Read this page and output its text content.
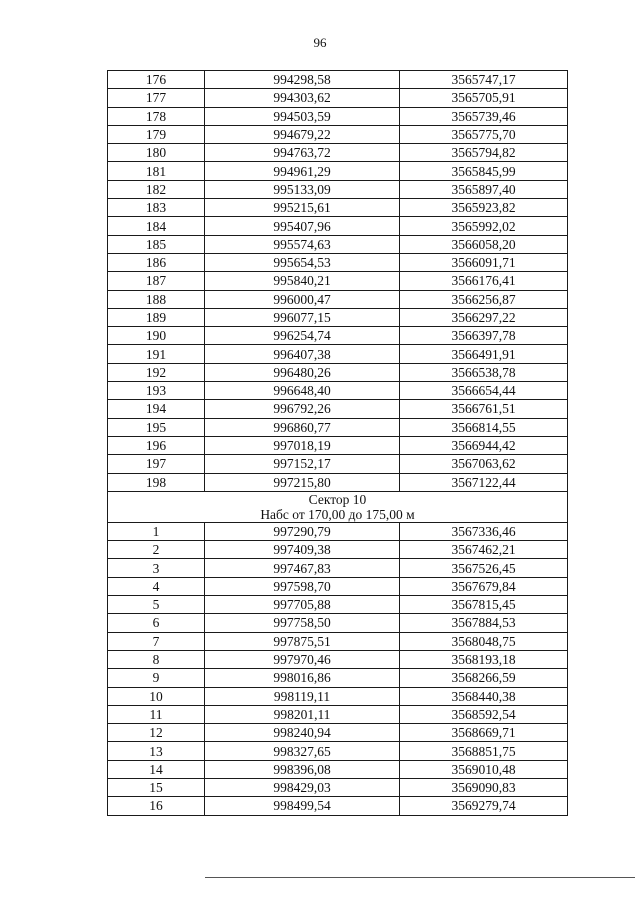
96
176	994298,58	3565747,17
177	994303,62	3565705,91
178	994503,59	3565739,46
179	994679,22	3565775,70
180	994763,72	3565794,82
181	994961,29	3565845,99
182	995133,09	3565897,40
183	995215,61	3565923,82
184	995407,96	3565992,02
185	995574,63	3566058,20
186	995654,53	3566091,71
187	995840,21	3566176,41
188	996000,47	3566256,87
189	996077,15	3566297,22
190	996254,74	3566397,78
191	996407,38	3566491,91
192	996480,26	3566538,78
193	996648,40	3566654,44
194	996792,26	3566761,51
195	996860,77	3566814,55
196	997018,19	3566944,42
197	997152,17	3567063,62
198	997215,80	3567122,44

Сектор 10
Набс от 170,00 до 175,00 м		

1	997290,79	3567336,46
2	997409,38	3567462,21
3	997467,83	3567526,45
4	997598,70	3567679,84
5	997705,88	3567815,45
6	997758,50	3567884,53
7	997875,51	3568048,75
8	997970,46	3568193,18
9	998016,86	3568266,59
10	998119,11	3568440,38
11	998201,11	3568592,54
12	998240,94	3568669,71
13	998327,65	3568851,75
14	998396,08	3569010,48
15	998429,03	3569090,83
16	998499,54	3569279,74
